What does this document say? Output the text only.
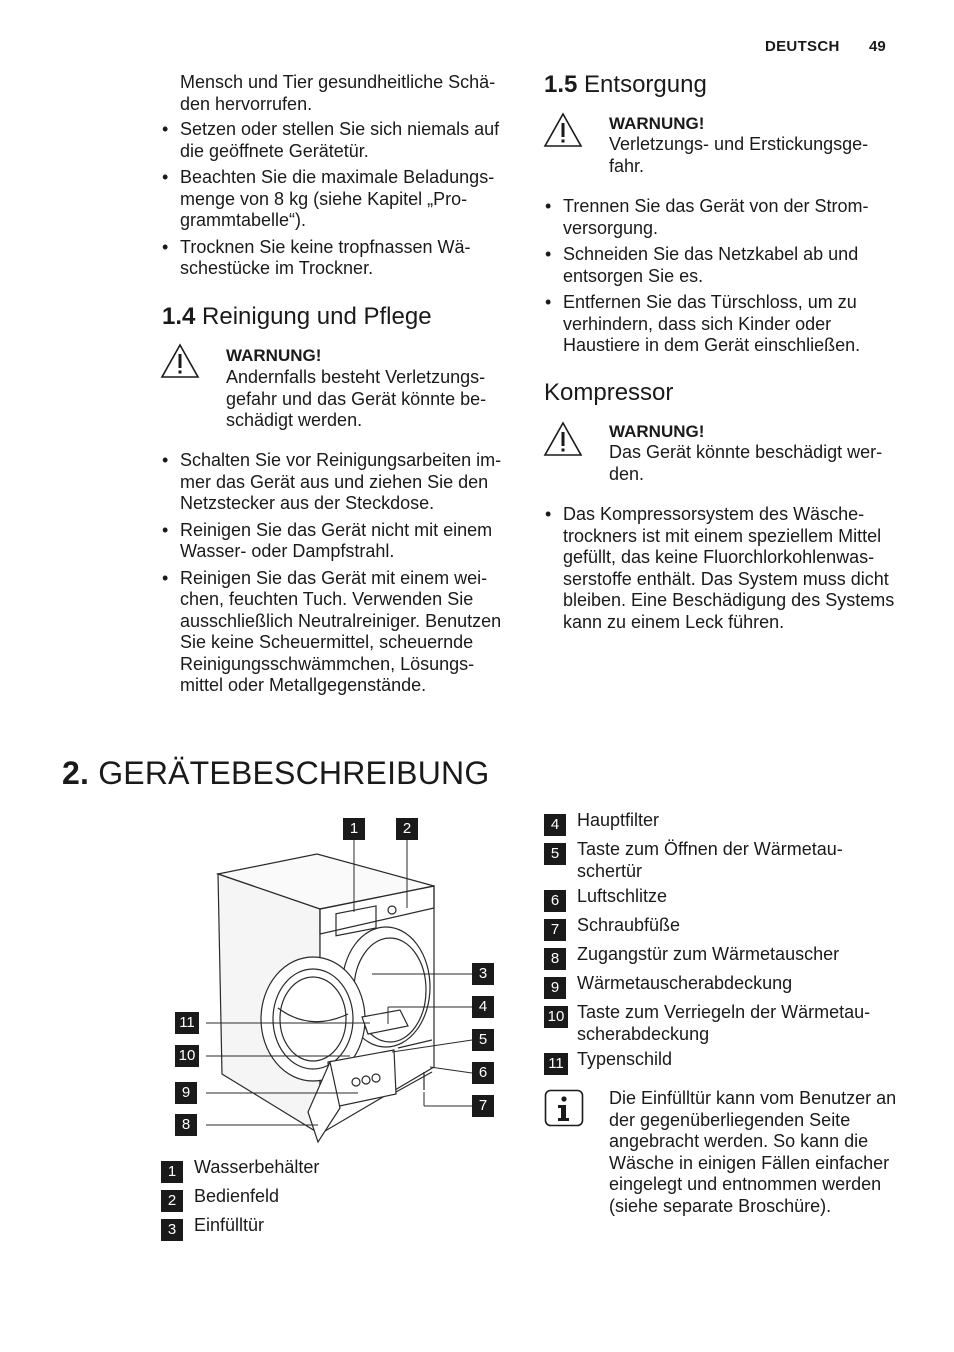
DEUTSCH 49
Mensch und Tier gesundheitliche Schä-
den hervorrufen.
• Setzen oder stellen Sie sich niemals auf die geöffnete Gerätetür.
• Beachten Sie die maximale Beladungs-menge von 8 kg (siehe Kapitel „Pro-grammtabelle“).
• Trocknen Sie keine tropfnassen Wä-schestücke im Trockner.
1.4 Reinigung und Pflege
WARNUNG!
Andernfalls besteht Verletzungs-gefahr und das Gerät könnte be-schädigt werden.
• Schalten Sie vor Reinigungsarbeiten im-mer das Gerät aus und ziehen Sie den Netzstecker aus der Steckdose.
• Reinigen Sie das Gerät nicht mit einem Wasser- oder Dampfstrahl.
• Reinigen Sie das Gerät mit einem wei-chen, feuchten Tuch. Verwenden Sie ausschließlich Neutralreiniger. Benutzen Sie keine Scheuermittel, scheuernde Reinigungsschwämmchen, Lösungs-mittel oder Metallgegenstände.
1.5 Entsorgung
WARNUNG!
Verletzungs- und Erstickungsge-fahr.
• Trennen Sie das Gerät von der Strom-versorgung.
• Schneiden Sie das Netzkabel ab und entsorgen Sie es.
• Entfernen Sie das Türschloss, um zu verhindern, dass sich Kinder oder Haustiere in dem Gerät einschließen.
Kompressor
WARNUNG!
Das Gerät könnte beschädigt wer-den.
• Das Kompressorsystem des Wäsche-trockners ist mit einem speziellem Mittel gefüllt, das keine Fluorchlorkohlenwas-serstoffe enthält. Das System muss dicht bleiben. Eine Beschädigung des Systems kann zu einem Leck führen.
2. GERÄTEBESCHREIBUNG
1	2
3
4
5
6
7
8
9
10
11
1 Wasserbehälter
2 Bedienfeld
3 Einfülltür
4 Hauptfilter
5 Taste zum Öffnen der Wärmetau-
schertür
6 Luftschlitze
7 Schraubfüße
8 Zugangstür zum Wärmetauscher
9 Wärmetauscherabdeckung
10 Taste zum Verriegeln der Wärmetau-
scherabdeckung
11 Typenschild
Die Einfülltür kann vom Benutzer an der gegenüberliegenden Seite angebracht werden. So kann die Wäsche in einigen Fällen einfacher eingelegt und entnommen werden (siehe separate Broschüre).
